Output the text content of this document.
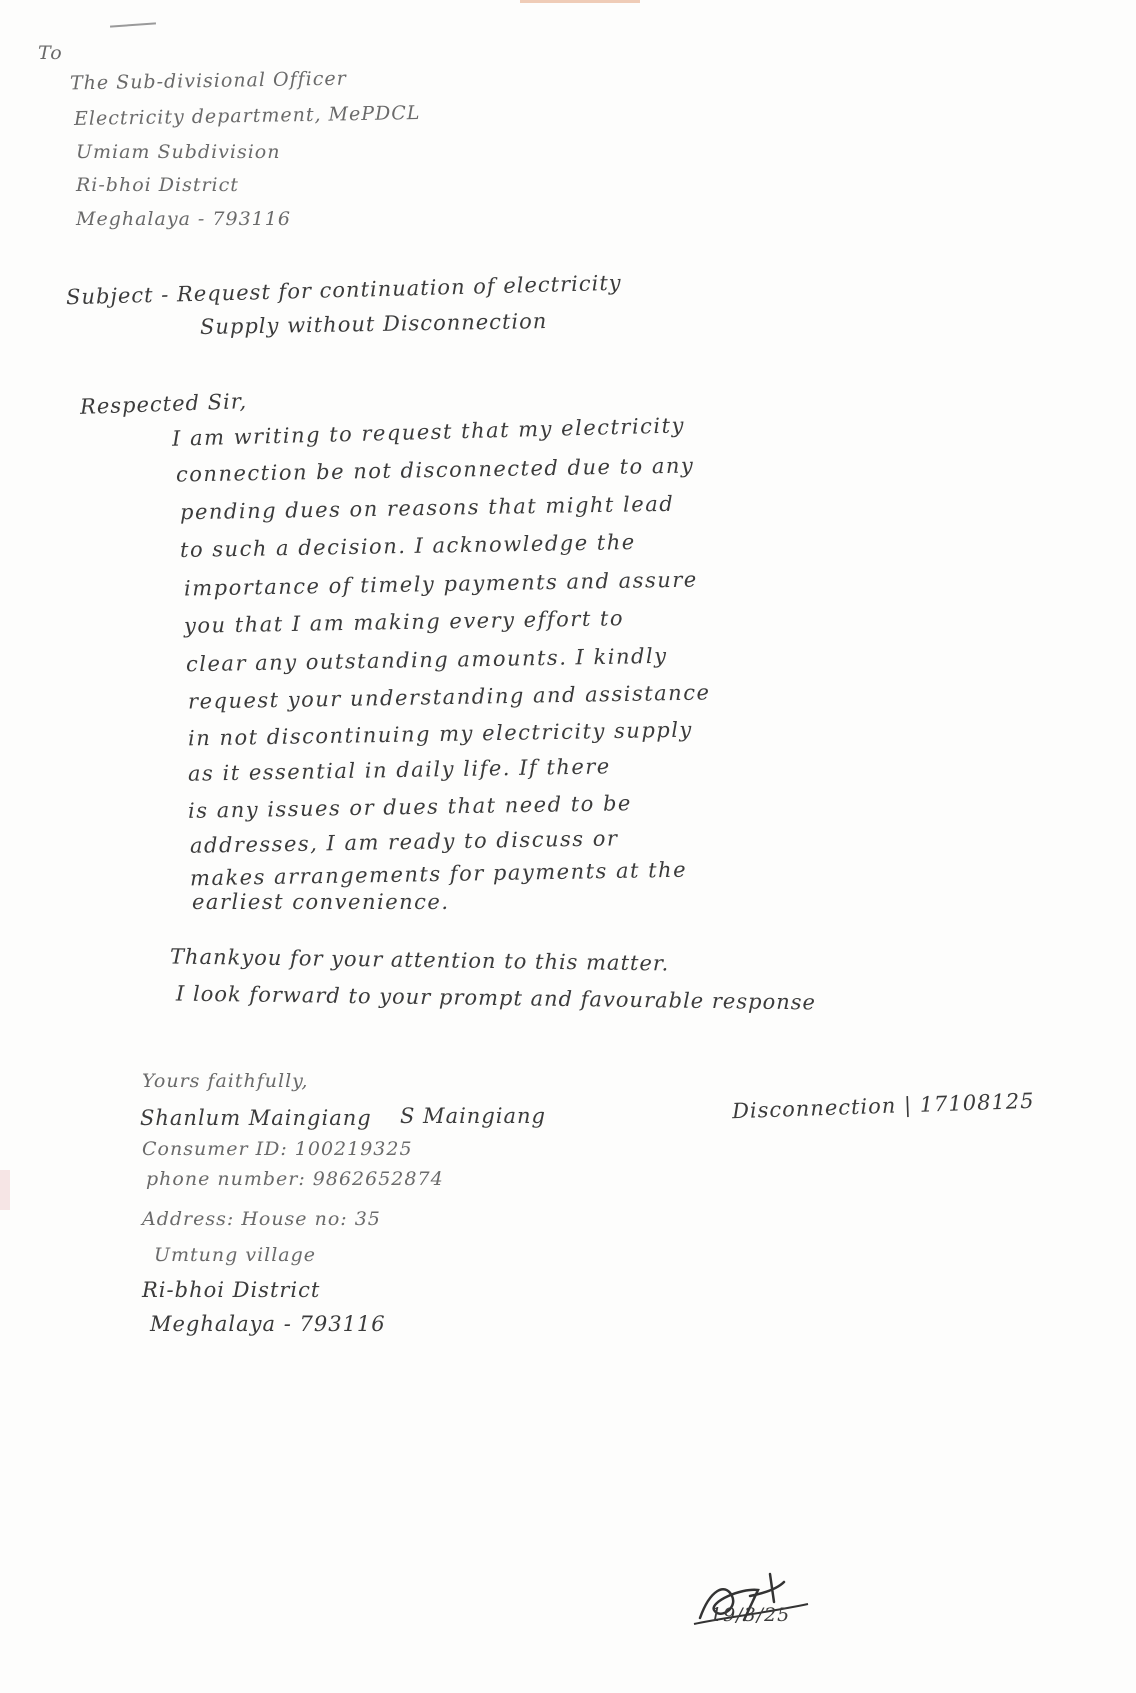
To
The Sub-divisional Officer
Electricity department, MePDCL
Umiam Subdivision
Ri-bhoi District
Meghalaya - 793116
Subject - Request for continuation of electricity
Supply without Disconnection
Respected Sir,
I am writing to request that my electricity
connection be not disconnected due to any
pending dues on reasons that might lead
to such a decision. I acknowledge the
importance of timely payments and assure
you that I am making every effort to
clear any outstanding amounts. I kindly
request your understanding and assistance
in not discontinuing my electricity supply
as it essential in daily life. If there
is any issues or dues that need to be
addresses, I am ready to discuss or
makes arrangements for payments at the
earliest convenience.
Thankyou for your attention to this matter.
I look forward to your prompt and favourable response
Yours faithfully,
Shanlum Maingiang S Maingiang
Consumer ID: 100219325
phone number: 9862652874
Disconnection | 17108125
Address: House no: 35
Umtung village
Ri-bhoi District
Meghalaya - 793116
19/3/25
